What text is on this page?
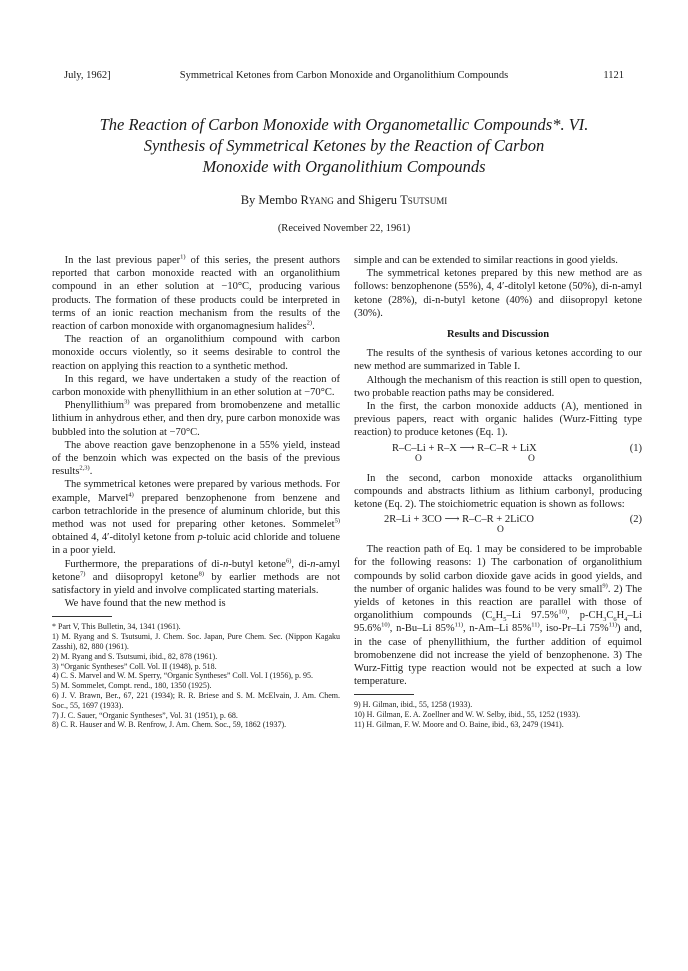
July, 1962]	Symmetrical Ketones from Carbon Monoxide and Organolithium Compounds	1121
The Reaction of Carbon Monoxide with Organometallic Compounds*. VI.
Synthesis of Symmetrical Ketones by the Reaction of Carbon
Monoxide with Organolithium Compounds
By Membo Ryang and Shigeru Tsutsumi
(Received November 22, 1961)

In the last previous paper$^{1)}$ of this series, the present authors reported that carbon monoxide reacted with an organolithium compound in an ether solution at −10°C, producing various products. The formation of these products could be interpreted in terms of an ionic reaction mechanism from the results of the reaction of carbon monoxide with organomagnesium halides$^{2)}$.

The reaction of an organolithium compound with carbon monoxide occurs violently, so it seems desirable to control the reaction on applying this reaction to a synthetic method.

In this regard, we have undertaken a study of the reaction of carbon monoxide with phenyllithium in an ether solution at −70°C.

Phenyllithium$^{3)}$ was prepared from bromobenzene and metallic lithium in anhydrous ether, and then dry, pure carbon monoxide was bubbled into the solution at −70°C.

The above reaction gave benzophenone in a 55% yield, instead of the benzoin which was expected on the basis of the previous results$^{2,3)}$.

The symmetrical ketones were prepared by various methods. For example, Marvel$^{4)}$ prepared benzophenone from benzene and carbon tetrachloride in the presence of aluminum chloride, but this method was not used for preparing other ketones. Sommelet$^{5)}$ obtained 4, 4′-ditolyl ketone from p-toluic acid chloride and toluene in a poor yield.

Furthermore, the preparations of di-n-butyl ketone$^{6)}$, di-n-amyl ketone$^{7)}$ and diisopropyl ketone$^{8)}$ by earlier methods are not satisfactory in yield and involve complicated starting materials.

We have found that the new method is

* Part V, This Bulletin, 34, 1341 (1961).
1) M. Ryang and S. Tsutsumi, J. Chem. Soc. Japan, Pure Chem. Sec. (Nippon Kagaku Zasshi), 82, 880 (1961).
2) M. Ryang and S. Tsutsumi, ibid., 82, 878 (1961).
3) “Organic Syntheses” Coll. Vol. II (1948), p. 518.
4) C. S. Marvel and W. M. Sperry, “Organic Syntheses” Coll. Vol. I (1956), p. 95.
5) M. Sommelet, Compt. rend., 180, 1350 (1925).
6) J. V. Brawn, Ber., 67, 221 (1934); R. R. Briese and S. M. McElvain, J. Am. Chem. Soc., 55, 1697 (1933).
7) J. C. Sauer, “Organic Syntheses”, Vol. 31 (1951), p. 68.
8) C. R. Hauser and W. B. Renfrow, J. Am. Chem. Soc., 59, 1862 (1937).

simple and can be extended to similar reactions in good yields.

The symmetrical ketones prepared by this new method are as follows: benzophenone (55%), 4, 4′-ditolyl ketone (50%), di-n-amyl ketone (28%), di-n-butyl ketone (40%) and diisopropyl ketone (30%).

Results and Discussion

The results of the synthesis of various ketones according to our new method are summarized in Table I.

Although the mechanism of this reaction is still open to question, two probable reaction paths may be considered.

In the first, the carbon monoxide adducts (A), mentioned in previous papers, react with organic halides (Wurz-Fitting type reaction) to produce ketones (Eq. 1).

R–C–Li + R–X ⟶ R–C–R + LiX
O	O
(1)

In the second, carbon monoxide attacks organolithium compounds and abstracts lithium as lithium carbonyl, producing ketone (Eq. 2). The stoichiometric equation is shown as follows:

2R–Li + 3CO ⟶ R–C–R + 2LiCO
O
(2)

The reaction path of Eq. 1 may be considered to be improbable for the following reasons: 1) The carbonation of organolithium compounds by solid carbon dioxide gave acids in good yields, and the number of organic halides was found to be very small$^{9)}$. 2) The yields of ketones in this reaction are parallel with those of organolithium compounds ($C_6H_5-Li$ 97.5%$^{10)}$, $p-CH_3C_6H_4-Li$ 95.6%$^{10)}$, n-Bu–Li 85%$^{11)}$, n-Am–Li 85%$^{11)}$, iso-Pr–Li 75%$^{11)}$) and, in the case of phenyllithium, the further addition of equimol bromobenzene did not increase the yield of benzophenone. 3) The Wurz-Fittig type reaction would not be expected at such a low temperature.

9) H. Gilman, ibid., 55, 1258 (1933).
10) H. Gilman, E. A. Zoellner and W. W. Selby, ibid., 55, 1252 (1933).
11) H. Gilman, F. W. Moore and O. Baine, ibid., 63, 2479 (1941).
